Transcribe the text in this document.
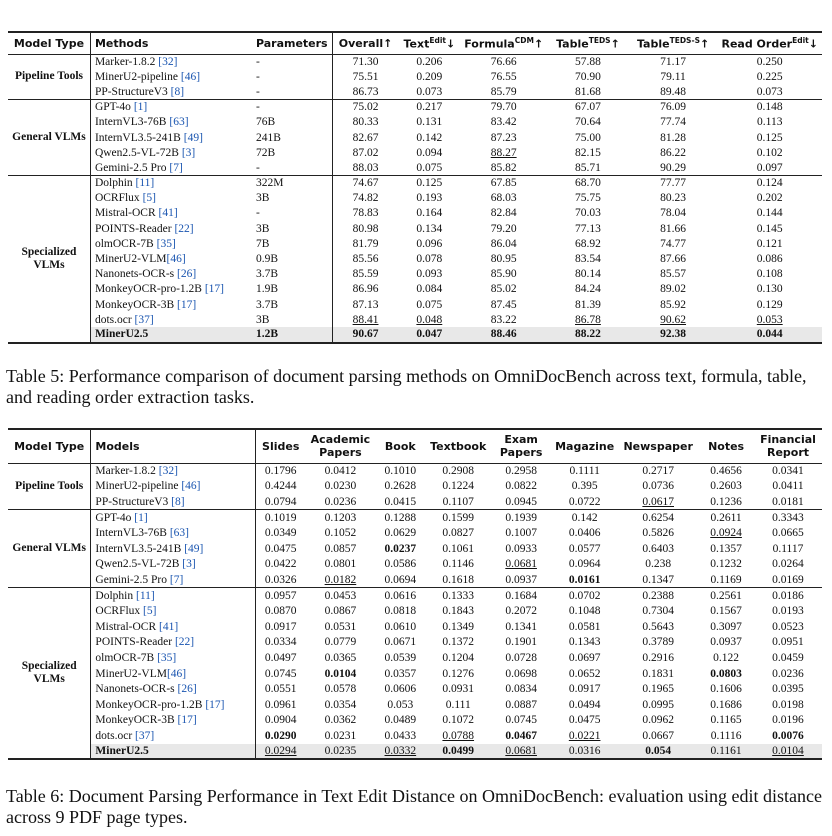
Model Type	Methods	Parameters	Overall↑	Text$^{Edit}$↓	Formula$^{CDM}$↑	Table$^{TEDS}$↑	Table$^{TEDS-S}$↑	Read Order$^{Edit}$↓
Pipeline Tools	Marker-1.8.2 [32]	-	71.30	0.206	76.66	57.88	71.17	0.250
	MinerU2-pipeline [46]	-	75.51	0.209	76.55	70.90	79.11	0.225
	PP-StructureV3 [8]	-	86.73	0.073	85.79	81.68	89.48	0.073
General VLMs	GPT-4o [1]	-	75.02	0.217	79.70	67.07	76.09	0.148
	InternVL3-76B [63]	76B	80.33	0.131	83.42	70.64	77.74	0.113
	InternVL3.5-241B [49]	241B	82.67	0.142	87.23	75.00	81.28	0.125
	Qwen2.5-VL-72B [3]	72B	87.02	0.094	88.27	82.15	86.22	0.102
	Gemini-2.5 Pro [7]	-	88.03	0.075	85.82	85.71	90.29	0.097
Specialized VLMs	Dolphin [11]	322M	74.67	0.125	67.85	68.70	77.77	0.124
	OCRFlux [5]	3B	74.82	0.193	68.03	75.75	80.23	0.202
	Mistral-OCR [41]	-	78.83	0.164	82.84	70.03	78.04	0.144
	POINTS-Reader [22]	3B	80.98	0.134	79.20	77.13	81.66	0.145
	olmOCR-7B [35]	7B	81.79	0.096	86.04	68.92	74.77	0.121
	MinerU2-VLM[46]	0.9B	85.56	0.078	80.95	83.54	87.66	0.086
	Nanonets-OCR-s [26]	3.7B	85.59	0.093	85.90	80.14	85.57	0.108
	MonkeyOCR-pro-1.2B [17]	1.9B	86.96	0.084	85.02	84.24	89.02	0.130
	MonkeyOCR-3B [17]	3.7B	87.13	0.075	87.45	81.39	85.92	0.129
	dots.ocr [37]	3B	88.41	0.048	83.22	86.78	90.62	0.053
	MinerU2.5	1.2B	90.67	0.047	88.46	88.22	92.38	0.044
Table 5: Performance comparison of document parsing methods on OmniDocBench across text, formula, table, and reading order extraction tasks.
Model Type	Models	Slides	Academic Papers	Book	Textbook	Exam Papers	Magazine	Newspaper	Notes	Financial Report
Pipeline Tools	Marker-1.8.2 [32]	0.1796	0.0412	0.1010	0.2908	0.2958	0.1111	0.2717	0.4656	0.0341
	MinerU2-pipeline [46]	0.4244	0.0230	0.2628	0.1224	0.0822	0.395	0.0736	0.2603	0.0411
	PP-StructureV3 [8]	0.0794	0.0236	0.0415	0.1107	0.0945	0.0722	0.0617	0.1236	0.0181
General VLMs	GPT-4o [1]	0.1019	0.1203	0.1288	0.1599	0.1939	0.142	0.6254	0.2611	0.3343
	InternVL3-76B [63]	0.0349	0.1052	0.0629	0.0827	0.1007	0.0406	0.5826	0.0924	0.0665
	InternVL3.5-241B [49]	0.0475	0.0857	0.0237	0.1061	0.0933	0.0577	0.6403	0.1357	0.1117
	Qwen2.5-VL-72B [3]	0.0422	0.0801	0.0586	0.1146	0.0681	0.0964	0.238	0.1232	0.0264
	Gemini-2.5 Pro [7]	0.0326	0.0182	0.0694	0.1618	0.0937	0.0161	0.1347	0.1169	0.0169
Specialized VLMs	Dolphin [11]	0.0957	0.0453	0.0616	0.1333	0.1684	0.0702	0.2388	0.2561	0.0186
	OCRFlux [5]	0.0870	0.0867	0.0818	0.1843	0.2072	0.1048	0.7304	0.1567	0.0193
	Mistral-OCR [41]	0.0917	0.0531	0.0610	0.1349	0.1341	0.0581	0.5643	0.3097	0.0523
	POINTS-Reader [22]	0.0334	0.0779	0.0671	0.1372	0.1901	0.1343	0.3789	0.0937	0.0951
	olmOCR-7B [35]	0.0497	0.0365	0.0539	0.1204	0.0728	0.0697	0.2916	0.122	0.0459
	MinerU2-VLM[46]	0.0745	0.0104	0.0357	0.1276	0.0698	0.0652	0.1831	0.0803	0.0236
	Nanonets-OCR-s [26]	0.0551	0.0578	0.0606	0.0931	0.0834	0.0917	0.1965	0.1606	0.0395
	MonkeyOCR-pro-1.2B [17]	0.0961	0.0354	0.053	0.111	0.0887	0.0494	0.0995	0.1686	0.0198
	MonkeyOCR-3B [17]	0.0904	0.0362	0.0489	0.1072	0.0745	0.0475	0.0962	0.1165	0.0196
	dots.ocr [37]	0.0290	0.0231	0.0433	0.0788	0.0467	0.0221	0.0667	0.1116	0.0076
	MinerU2.5	0.0294	0.0235	0.0332	0.0499	0.0681	0.0316	0.054	0.1161	0.0104
Table 6: Document Parsing Performance in Text Edit Distance on OmniDocBench: evaluation using edit distance across 9 PDF page types.
